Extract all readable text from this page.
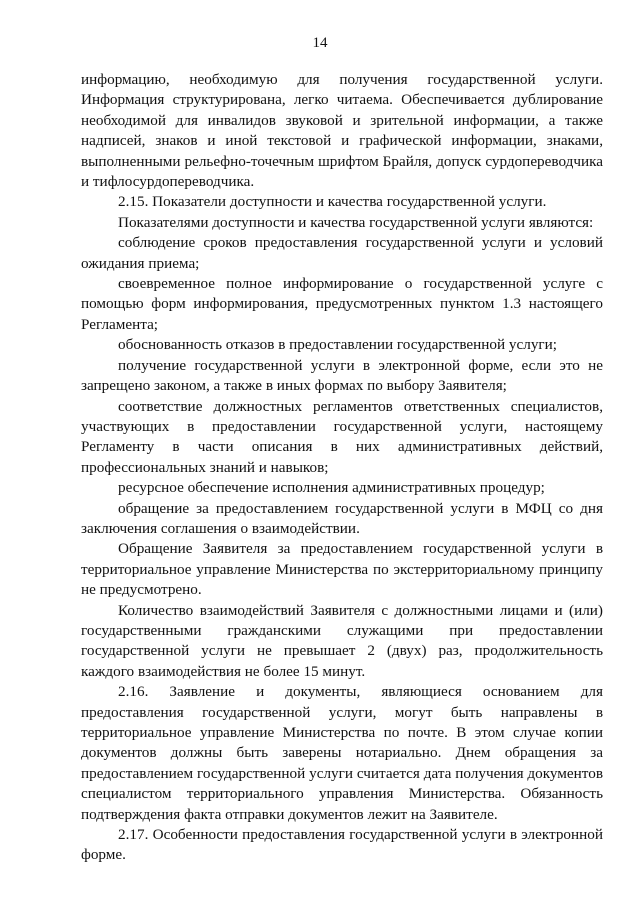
14

информацию, необходимую для получения государственной услуги. Информация структурирована, легко читаема. Обеспечивается дублирование необходимой для инвалидов звуковой и зрительной информации, а также надписей, знаков и иной текстовой и графической информации, знаками, выполненными рельефно-точечным шрифтом Брайля, допуск сурдопереводчика и тифлосурдопереводчика.

2.15. Показатели доступности и качества государственной услуги.

Показателями доступности и качества государственной услуги являются:

соблюдение сроков предоставления государственной услуги и условий ожидания приема;

своевременное полное информирование о государственной услуге с помощью форм информирования, предусмотренных пунктом 1.3 настоящего Регламента;

обоснованность отказов в предоставлении государственной услуги;

получение государственной услуги в электронной форме, если это не запрещено законом, а также в иных формах по выбору Заявителя;

соответствие должностных регламентов ответственных специалистов, участвующих в предоставлении государственной услуги, настоящему Регламенту в части описания в них административных действий, профессиональных знаний и навыков;

ресурсное обеспечение исполнения административных процедур;

обращение за предоставлением государственной услуги в МФЦ со дня заключения соглашения о взаимодействии.

Обращение Заявителя за предоставлением государственной услуги в территориальное управление Министерства по экстерриториальному принципу не предусмотрено.

Количество взаимодействий Заявителя с должностными лицами и (или) государственными гражданскими служащими при предоставлении государственной услуги не превышает 2 (двух) раз, продолжительность каждого взаимодействия не более 15 минут.

2.16. Заявление и документы, являющиеся основанием для предоставления государственной услуги, могут быть направлены в территориальное управление Министерства по почте. В этом случае копии документов должны быть заверены нотариально. Днем обращения за предоставлением государственной услуги считается дата получения документов специалистом территориального управления Министерства. Обязанность подтверждения факта отправки документов лежит на Заявителе.

2.17. Особенности предоставления государственной услуги в электронной форме.
